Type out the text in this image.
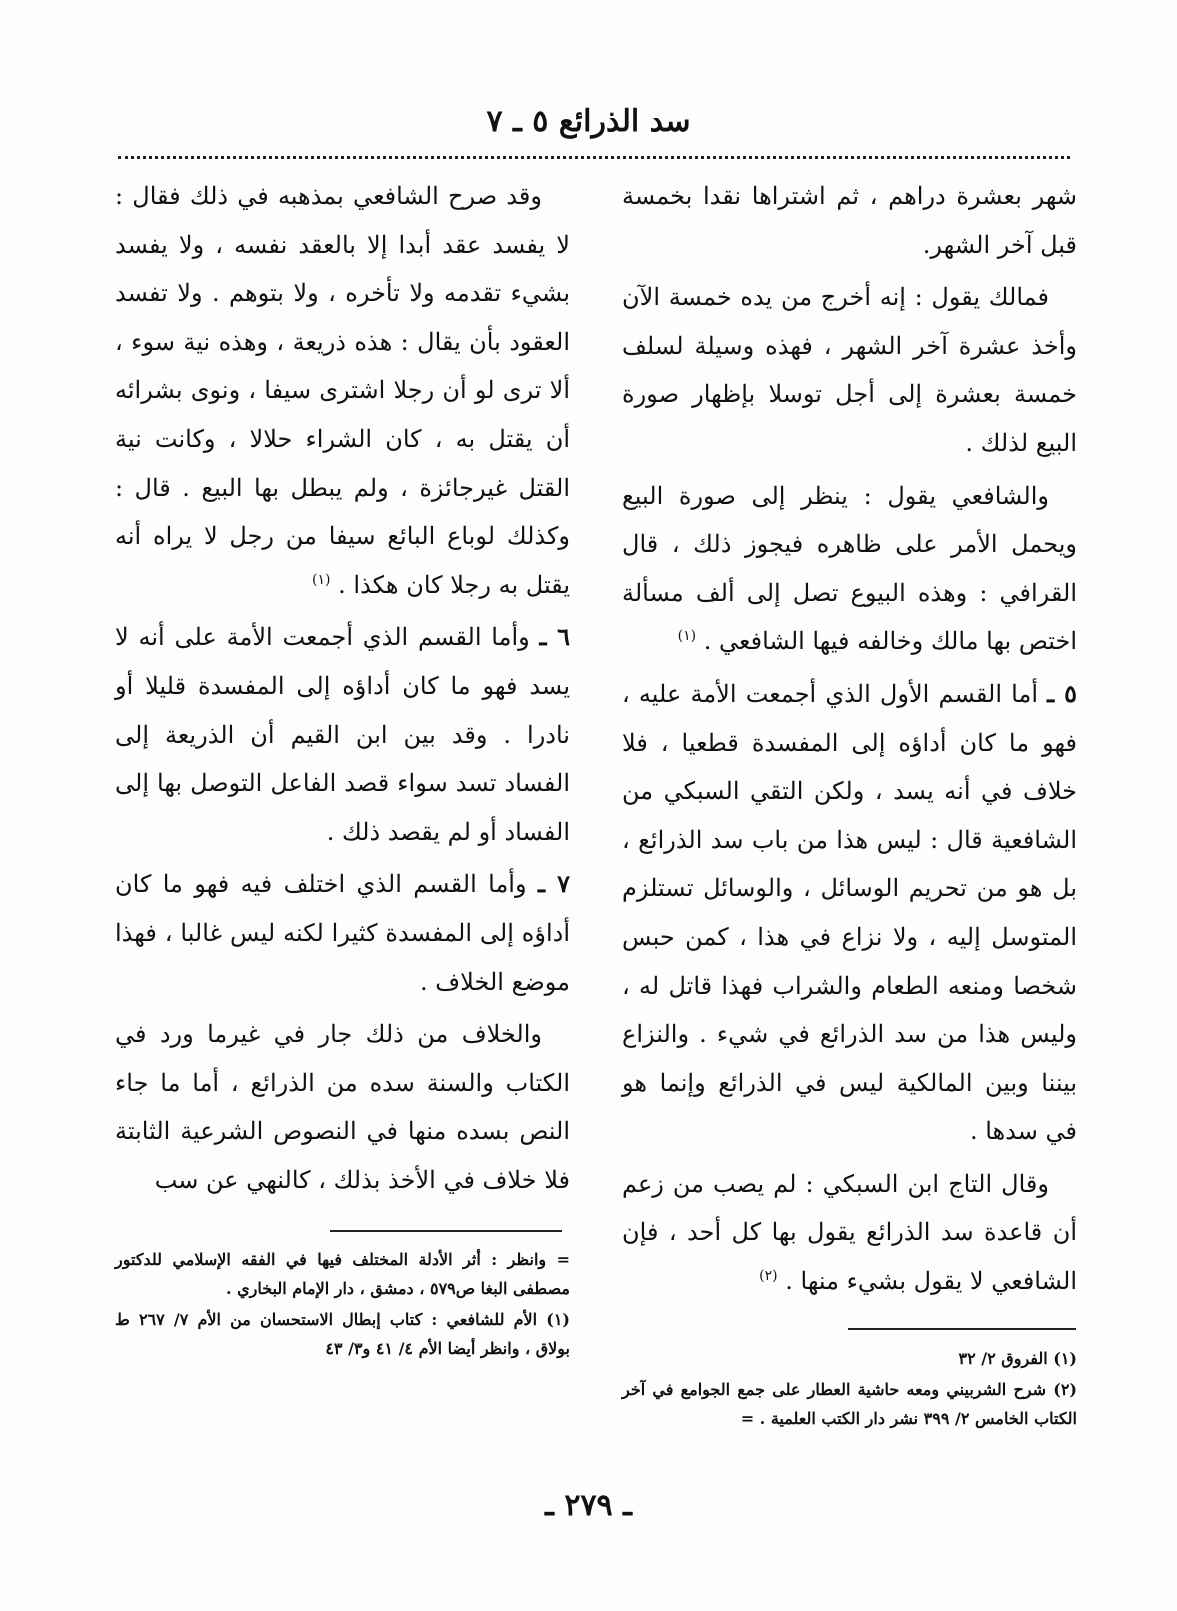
سد الذرائع ٥ ـ ٧

شهر بعشرة دراهم ، ثم اشتراها نقدا بخمسة قبل آخر الشهر.

فمالك يقول : إنه أخرج من يده خمسة الآن وأخذ عشرة آخر الشهر ، فهذه وسيلة لسلف خمسة بعشرة إلى أجل توسلا بإظهار صورة البيع لذلك .

والشافعي يقول : ينظر إلى صورة البيع ويحمل الأمر على ظاهره فيجوز ذلك ، قال القرافي : وهذه البيوع تصل إلى ألف مسألة اختص بها مالك وخالفه فيها الشافعي . $^{(١)}$

٥ ـ أما القسم الأول الذي أجمعت الأمة عليه ، فهو ما كان أداؤه إلى المفسدة قطعيا ، فلا خلاف في أنه يسد ، ولكن التقي السبكي من الشافعية قال : ليس هذا من باب سد الذرائع ، بل هو من تحريم الوسائل ، والوسائل تستلزم المتوسل إليه ، ولا نزاع في هذا ، كمن حبس شخصا ومنعه الطعام والشراب فهذا قاتل له ، وليس هذا من سد الذرائع في شيء . والنزاع بيننا وبين المالكية ليس في الذرائع وإنما هو في سدها .

وقال التاج ابن السبكي : لم يصب من زعم أن قاعدة سد الذرائع يقول بها كل أحد ، فإن الشافعي لا يقول بشيء منها . $^{(٢)}$

(١) الفروق ٢/ ٣٢

(٢) شرح الشربيني ومعه حاشية العطار على جمع الجوامع في آخر الكتاب الخامس ٢/ ٣٩٩ نشر دار الكتب العلمية . =

وقد صرح الشافعي بمذهبه في ذلك فقال : لا يفسد عقد أبدا إلا بالعقد نفسه ، ولا يفسد بشيء تقدمه ولا تأخره ، ولا بتوهم . ولا تفسد العقود بأن يقال : هذه ذريعة ، وهذه نية سوء ، ألا ترى لو أن رجلا اشترى سيفا ، ونوى بشرائه أن يقتل به ، كان الشراء حلالا ، وكانت نية القتل غيرجائزة ، ولم يبطل بها البيع . قال : وكذلك لوباع البائع سيفا من رجل لا يراه أنه يقتل به رجلا كان هكذا . $^{(١)}$

٦ ـ وأما القسم الذي أجمعت الأمة على أنه لا يسد فهو ما كان أداؤه إلى المفسدة قليلا أو نادرا . وقد بين ابن القيم أن الذريعة إلى الفساد تسد سواء قصد الفاعل التوصل بها إلى الفساد أو لم يقصد ذلك .

٧ ـ وأما القسم الذي اختلف فيه فهو ما كان أداؤه إلى المفسدة كثيرا لكنه ليس غالبا ، فهذا موضع الخلاف .

والخلاف من ذلك جار في غيرما ورد في الكتاب والسنة سده من الذرائع ، أما ما جاء النص بسده منها في النصوص الشرعية الثابتة فلا خلاف في الأخذ بذلك ، كالنهي عن سب

= وانظر : أثر الأدلة المختلف فيها في الفقه الإسلامي للدكتور مصطفى البغا ص٥٧٩ ، دمشق ، دار الإمام البخاري .

(١) الأم للشافعي : كتاب إبطال الاستحسان من الأم ٧/ ٢٦٧ ط بولاق ، وانظر أيضا الأم ٤/ ٤١ و٣/ ٤٣

ـ ٢٧٩ ـ
